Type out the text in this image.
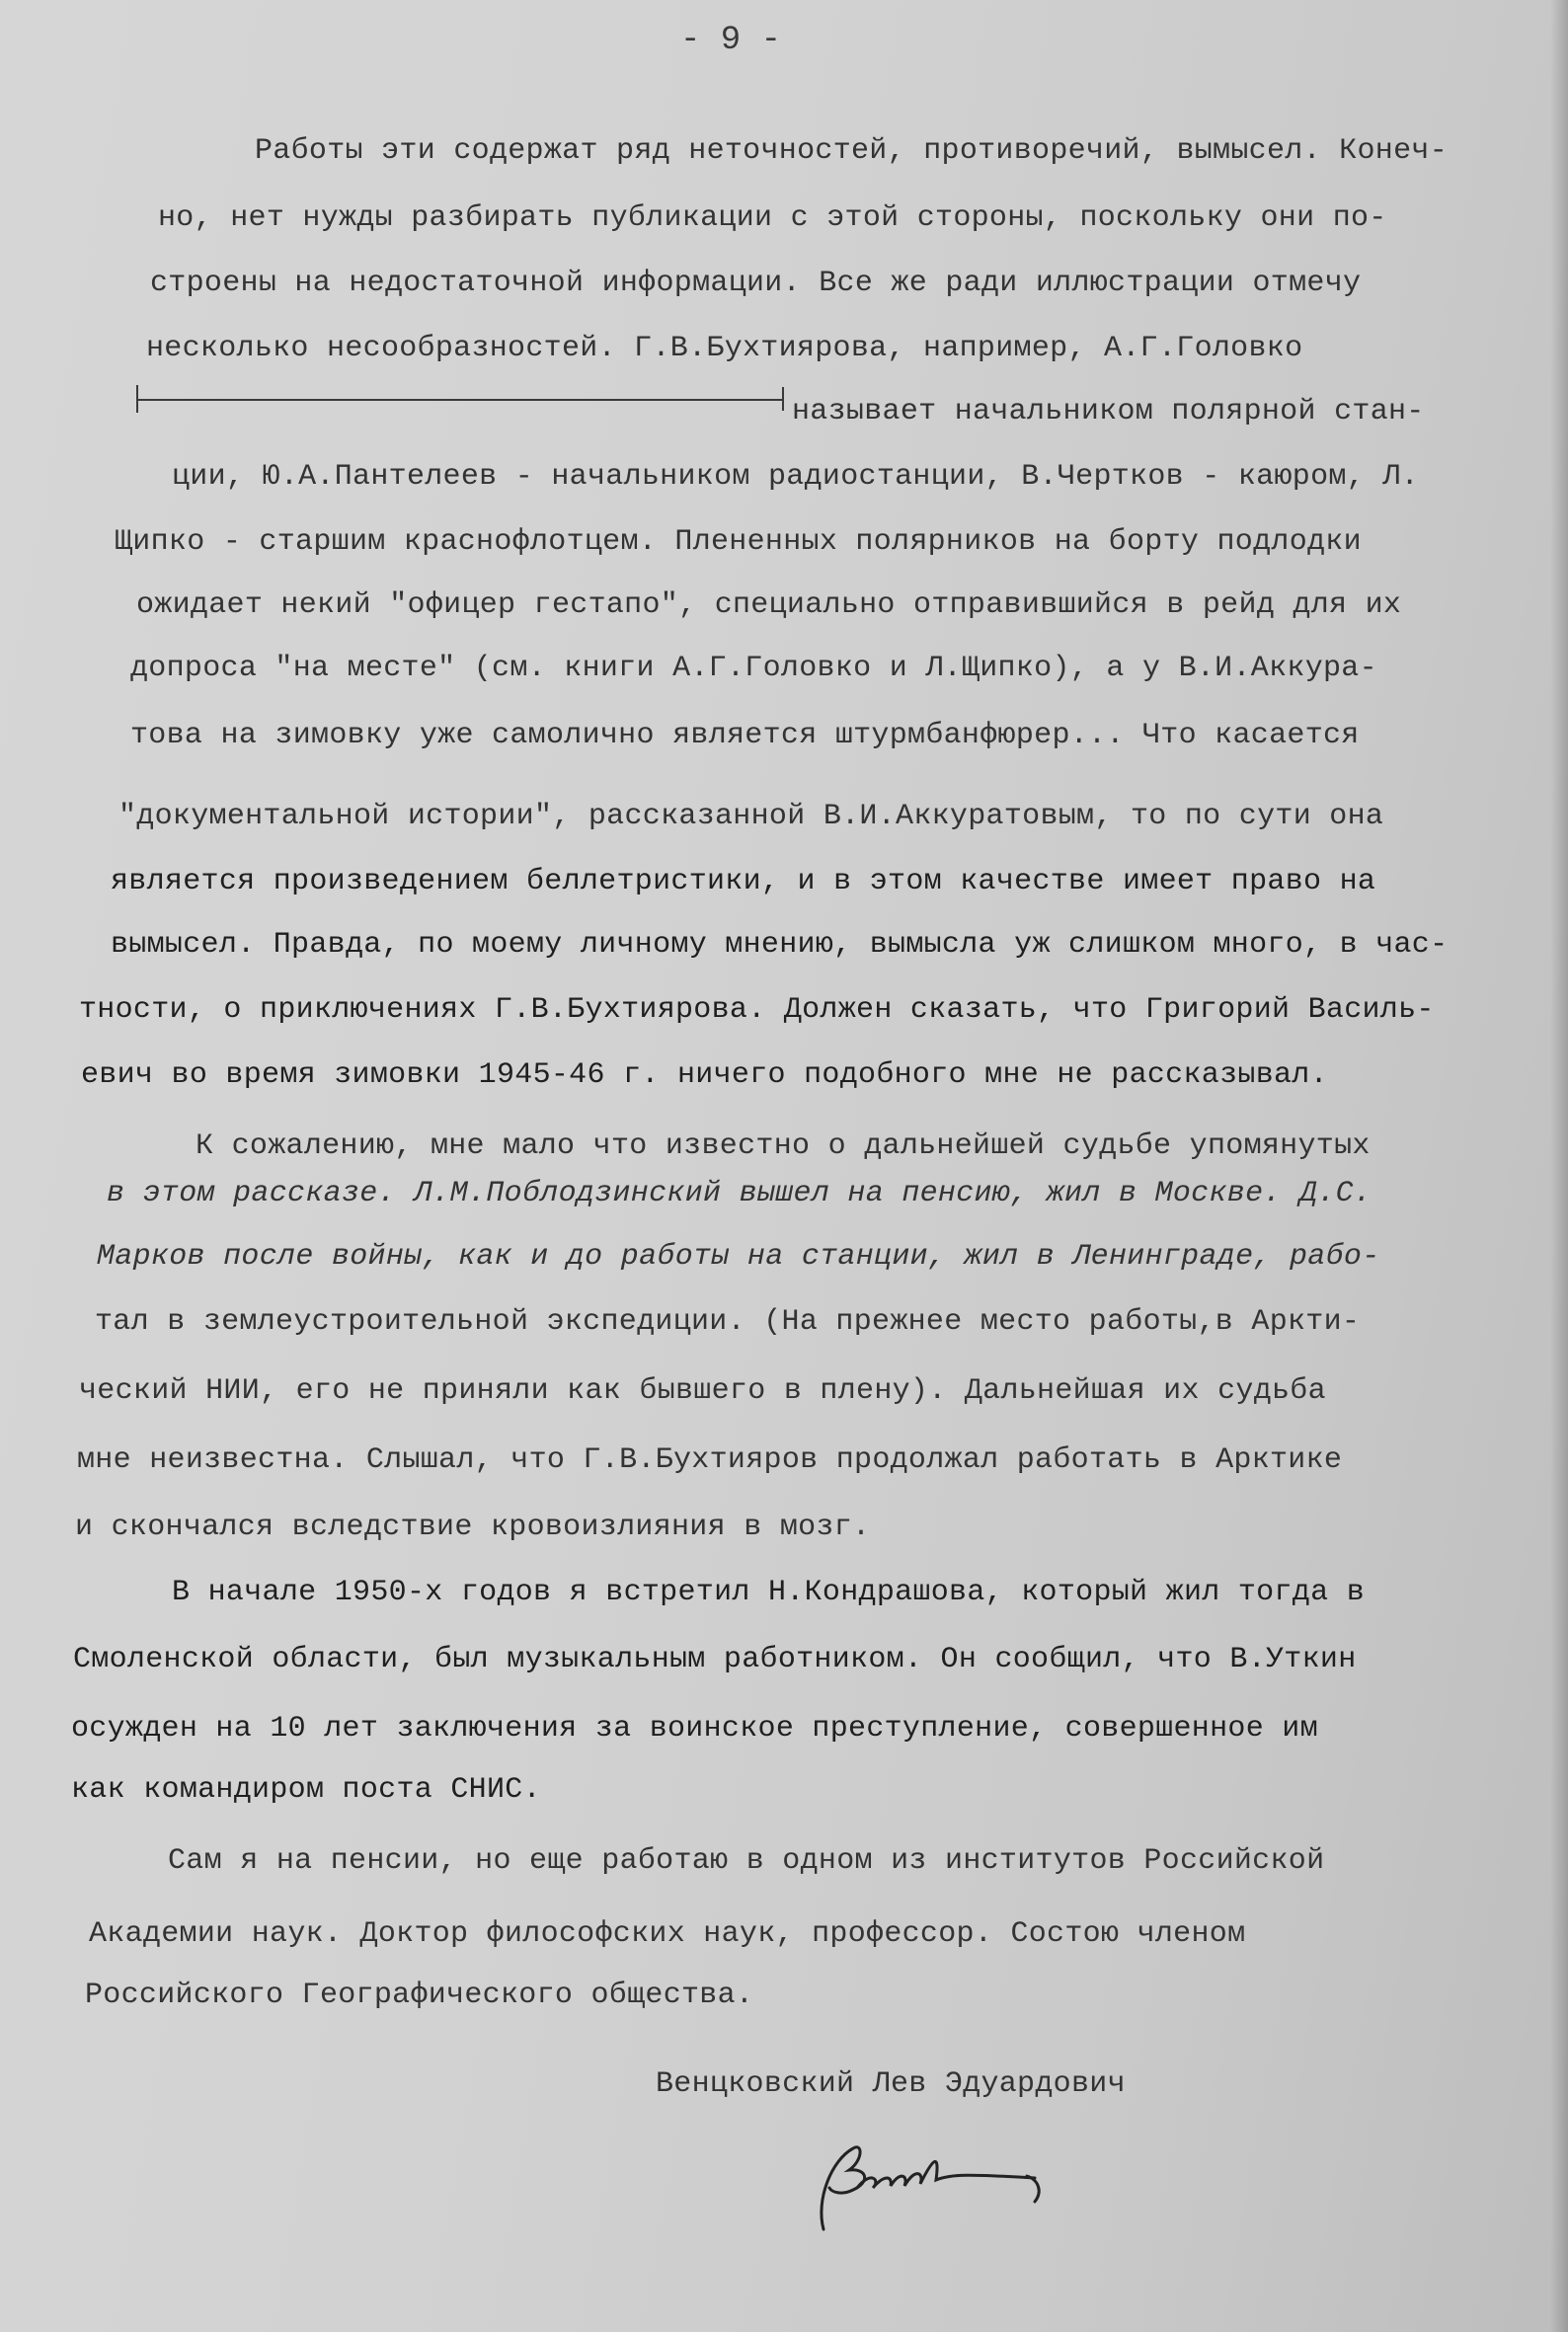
- 9 -
Работы эти содержат ряд неточностей, противоречий, вымысел. Конеч-
но, нет нужды разбирать публикации с этой стороны, поскольку они по-
строены на недостаточной информации. Все же ради иллюстрации отмечу
несколько несообразностей. Г.В.Бухтиярова, например, А.Г.Головко
называет начальником полярной стан-
ции, Ю.А.Пантелеев - начальником радиостанции, В.Чертков - каюром, Л.
Щипко - старшим краснофлотцем. Плененных полярников на борту подлодки
ожидает некий "офицер гестапо", специально отправившийся в рейд для их
допроса "на месте" (см. книги А.Г.Головко и Л.Щипко), а у В.И.Аккура-
това на зимовку уже самолично является штурмбанфюрер... Что касается
"документальной истории", рассказанной В.И.Аккуратовым, то по сути она
является произведением беллетристики, и в этом качестве имеет право на
вымысел. Правда, по моему личному мнению, вымысла уж слишком много, в час-
тности, о приключениях Г.В.Бухтиярова. Должен сказать, что Григорий Василь-
евич во время зимовки 1945-46 г. ничего подобного мне не рассказывал.
К сожалению, мне мало что известно о дальнейшей судьбе упомянутых
в этом рассказе. Л.М.Поблодзинский вышел на пенсию, жил в Москве. Д.С.
Марков после войны, как и до работы на станции, жил в Ленинграде, рабо-
тал в землеустроительной экспедиции. (На прежнее место работы,в Аркти-
ческий НИИ, его не приняли как бывшего в плену). Дальнейшая их судьба
мне неизвестна. Слышал, что Г.В.Бухтияров продолжал работать в Арктике
и скончался вследствие кровоизлияния в мозг.
В начале 1950-х годов я встретил Н.Кондрашова, который жил тогда в
Смоленской области, был музыкальным работником. Он сообщил, что В.Уткин
осужден на 10 лет заключения за воинское преступление, совершенное им
как командиром поста СНИС.
Сам я на пенсии, но еще работаю в одном из институтов Российской
Академии наук. Доктор философских наук, профессор. Состою членом
Российского Географического общества.
Венцковский Лев Эдуардович
